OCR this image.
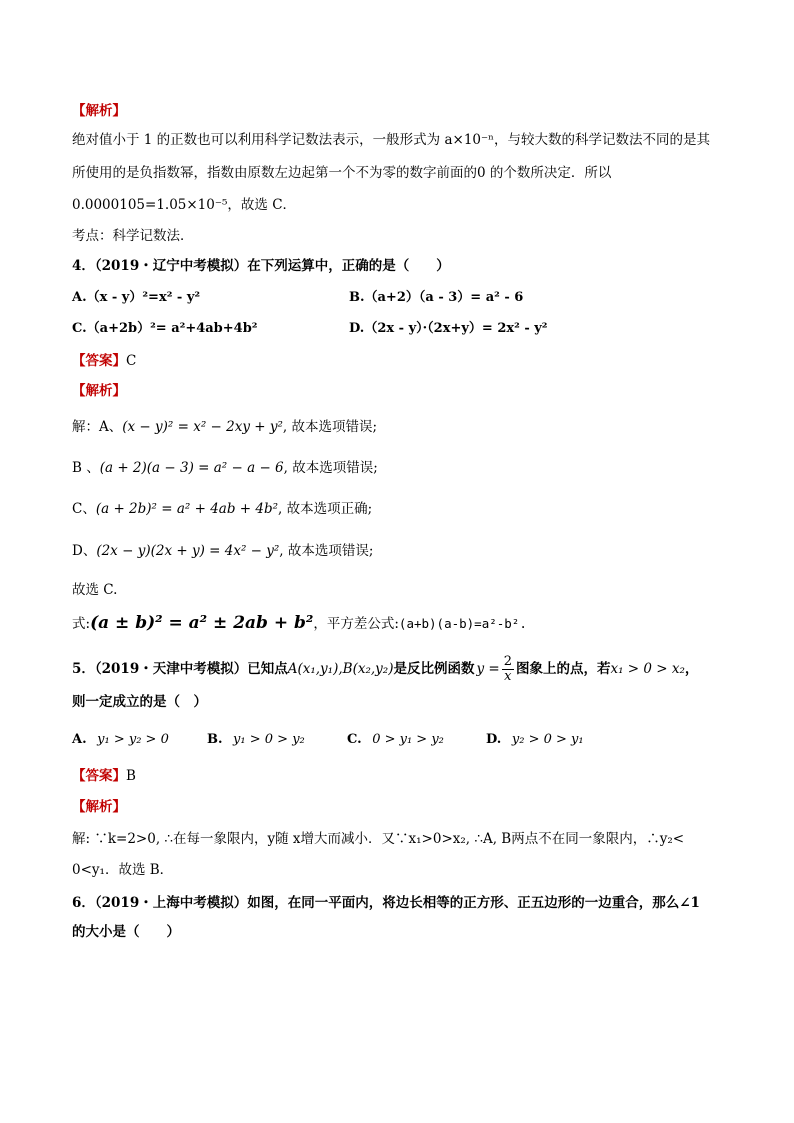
【解析】
绝对值小于 1 的正数也可以利用科学记数法表示，一般形式为 a×10⁻ⁿ，与较大数的科学记数法不同的是其
所使用的是负指数幂，指数由原数左边起第一个不为零的数字前面的0 的个数所决定．所以
0.0000105=1.05×10⁻⁵，故选 C．
考点：科学记数法．
4．（2019・辽宁中考模拟）在下列运算中，正确的是（　　）
A.（x - y）²=x² - y²	B.（a+2）（a - 3）= a² - 6
C.（a+2b）²= a²+4ab+4b²	D.（2x - y）·（2x+y）= 2x² - y²
【答案】C
【解析】
解：A、(x − y)² = x² − 2xy + y², 故本选项错误;
B 、(a + 2)(a − 3) = a² − a − 6, 故本选项错误;
C、(a + 2b)² = a² + 4ab + 4b², 故本选项正确;
D、(2x − y)(2x + y) = 4x² − y², 故本选项错误;
故选 C.
式:(a ± b)² = a² ± 2ab + b²，平方差公式:(a+b)(a-b)=a²-b².
5．（2019・天津中考模拟）已知点A(x₁,y₁),B(x₂,y₂)是反比例函数 $y = \frac{2}{x}$ 图象上的点，若x₁ > 0 > x₂，
则一定成立的是（　）
A. y₁ > y₂ > 0	B. y₁ > 0 > y₂	C. 0 > y₁ > y₂	D. y₂ > 0 > y₁
【答案】B
【解析】
解: ∵k=2>0, ∴在每一象限内，y随 x增大而减小．又∵x₁>0>x₂, ∴A, B两点不在同一象限内，∴y₂<
0<y₁．故选 B．
6．（2019・上海中考模拟）如图，在同一平面内，将边长相等的正方形、正五边形的一边重合，那么∠1
的大小是（　　）
